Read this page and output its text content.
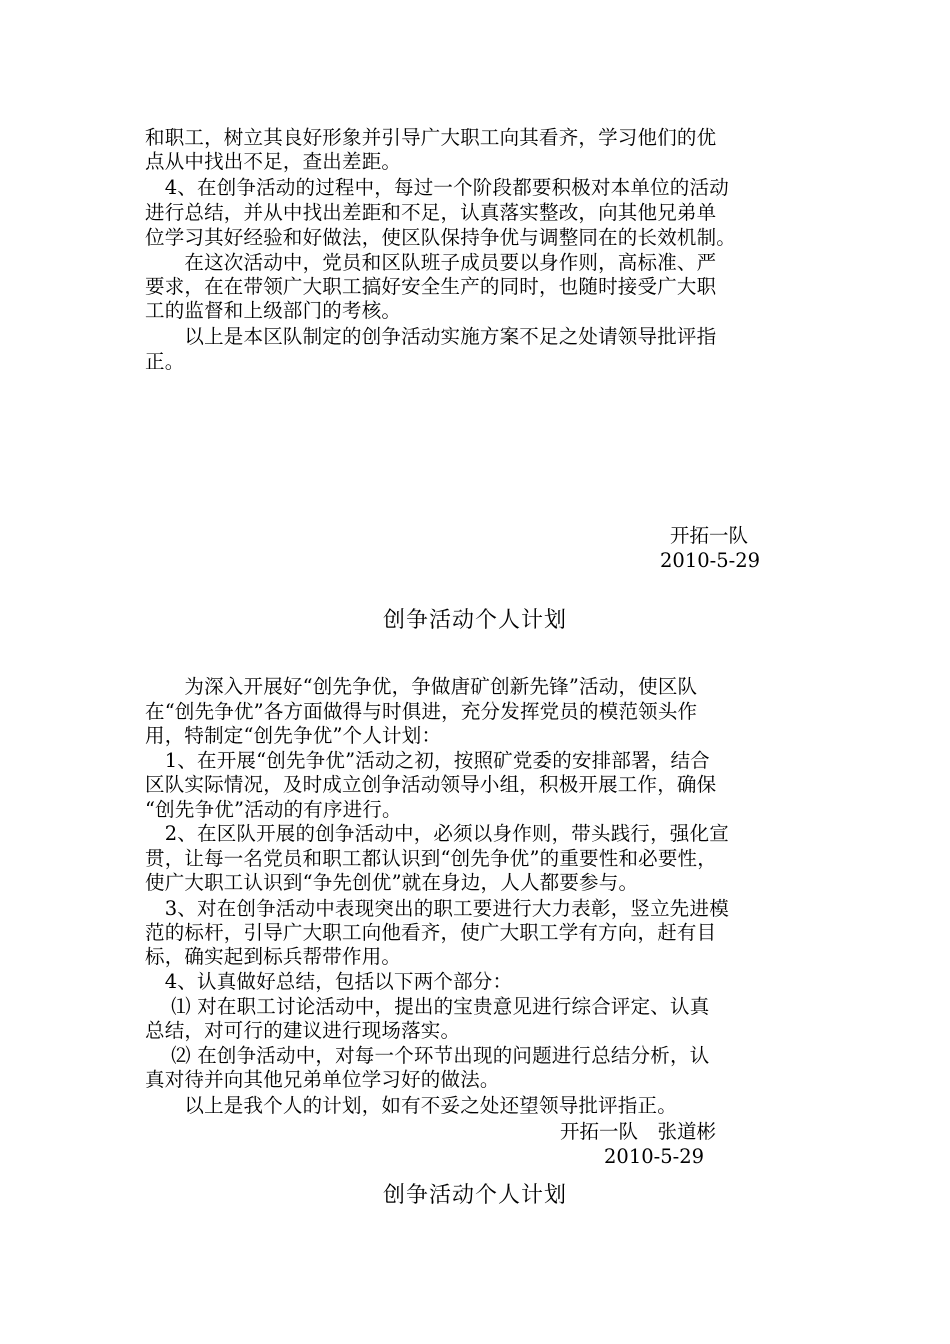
和职工，树立其良好形象并引导广大职工向其看齐，学习他们的优
点从中找出不足，查出差距。
　4、在创争活动的过程中，每过一个阶段都要积极对本单位的活动
进行总结，并从中找出差距和不足，认真落实整改，向其他兄弟单
位学习其好经验和好做法，使区队保持争优与调整同在的长效机制。
　　在这次活动中，党员和区队班子成员要以身作则，高标准、严
要求，在在带领广大职工搞好安全生产的同时，也随时接受广大职
工的监督和上级部门的考核。
　　以上是本区队制定的创争活动实施方案不足之处请领导批评指
正。
开拓一队
2010-5-29
创争活动个人计划
　　为深入开展好“创先争优，争做唐矿创新先锋”活动，使区队
在“创先争优”各方面做得与时俱进，充分发挥党员的模范领头作
用，特制定“创先争优”个人计划：
　1、在开展“创先争优”活动之初，按照矿党委的安排部署，结合
区队实际情况，及时成立创争活动领导小组，积极开展工作，确保
“创先争优”活动的有序进行。
　2、在区队开展的创争活动中，必须以身作则，带头践行，强化宣
贯，让每一名党员和职工都认识到“创先争优”的重要性和必要性，
使广大职工认识到“争先创优”就在身边，人人都要参与。
　3、对在创争活动中表现突出的职工要进行大力表彰，竖立先进模
范的标杆，引导广大职工向他看齐，使广大职工学有方向，赶有目
标，确实起到标兵帮带作用。
　4、认真做好总结，包括以下两个部分：
　 ⑴ 对在职工讨论活动中，提出的宝贵意见进行综合评定、认真
总结，对可行的建议进行现场落实。
　 ⑵ 在创争活动中，对每一个环节出现的问题进行总结分析，认
真对待并向其他兄弟单位学习好的做法。
　　以上是我个人的计划，如有不妥之处还望领导批评指正。
开拓一队　张道彬
2010-5-29
创争活动个人计划
